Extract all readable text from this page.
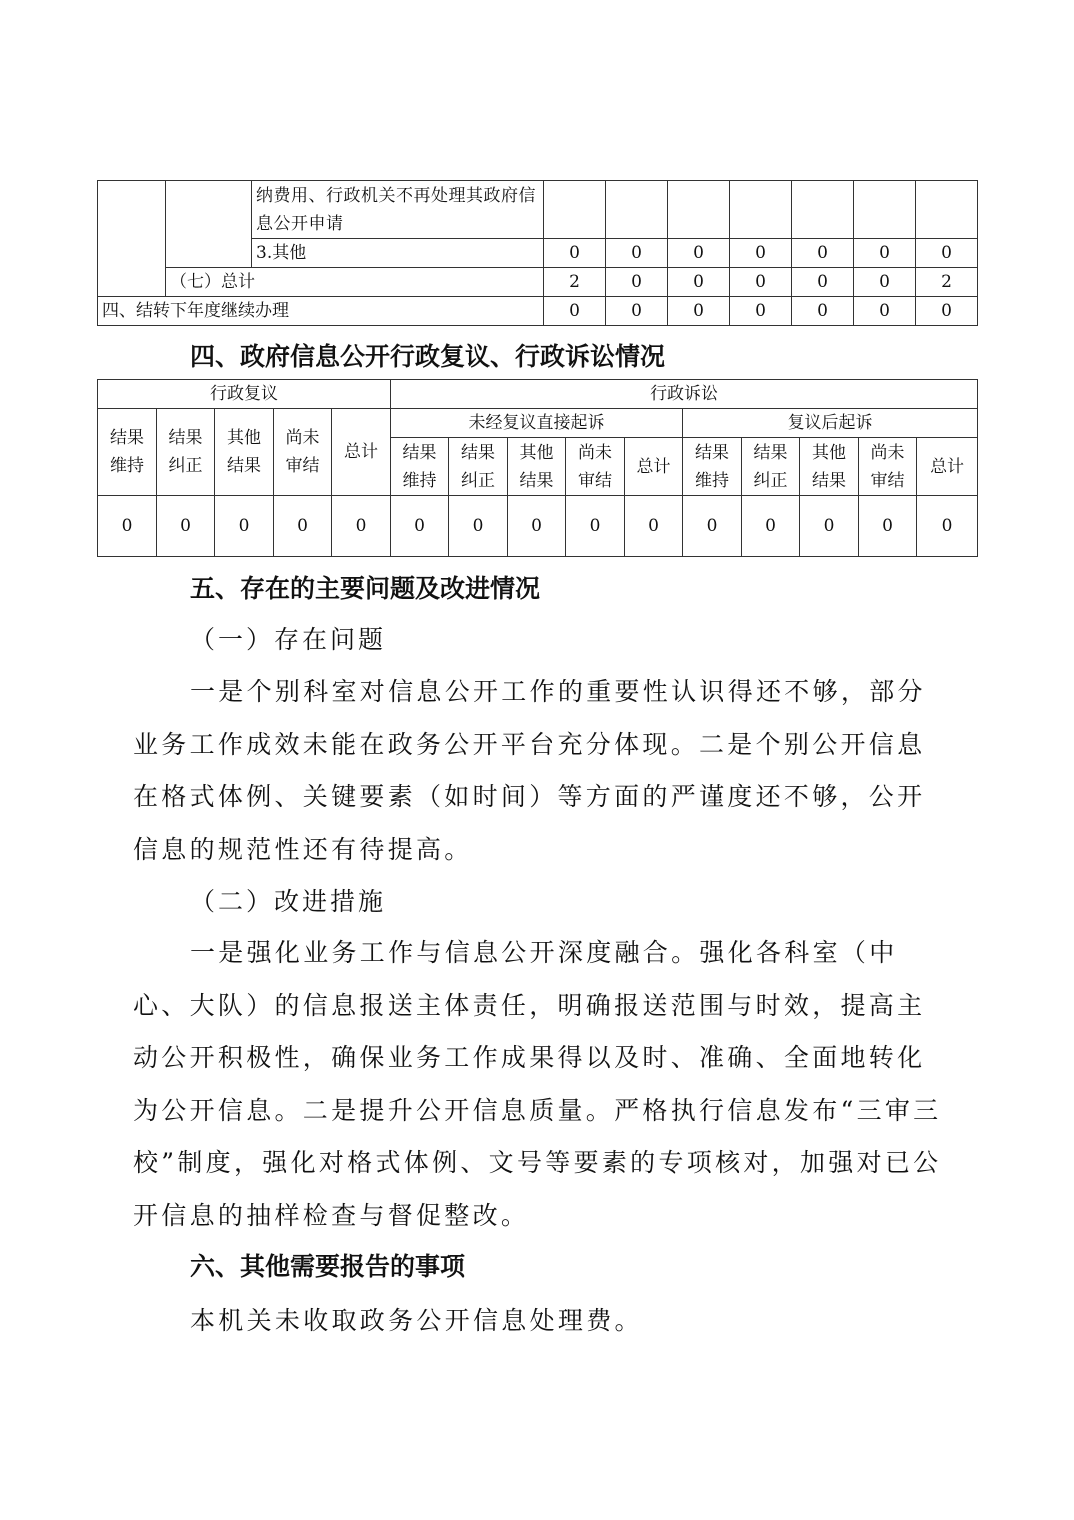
		纳费用、行政机关不再处理其政府信息公开申请							
		3.其他	0	0	0	0	0	0	0
	（七）总计		2	0	0	0	0	0	2
四、结转下年度继续办理			0	0	0	0	0	0	0
四、政府信息公开行政复议、行政诉讼情况
行政复议					行政诉讼									
结果维持	结果纠正	其他结果	尚未审结	总计	未经复议直接起诉					复议后起诉				
					结果维持	结果纠正	其他结果	尚未审结	总计	结果维持	结果纠正	其他结果	尚未审结	总计
0	0	0	0	0	0	0	0	0	0	0	0	0	0	0
五、存在的主要问题及改进情况

（一）存在问题

一是个别科室对信息公开工作的重要性认识得还不够，部分业务工作成效未能在政务公开平台充分体现。二是个别公开信息在格式体例、关键要素（如时间）等方面的严谨度还不够，公开信息的规范性还有待提高。

（二）改进措施

一是强化业务工作与信息公开深度融合。强化各科室（中心、大队）的信息报送主体责任，明确报送范围与时效，提高主动公开积极性，确保业务工作成果得以及时、准确、全面地转化为公开信息。二是提升公开信息质量。严格执行信息发布“三审三校”制度，强化对格式体例、文号等要素的专项核对，加强对已公开信息的抽样检查与督促整改。

六、其他需要报告的事项

本机关未收取政务公开信息处理费。
